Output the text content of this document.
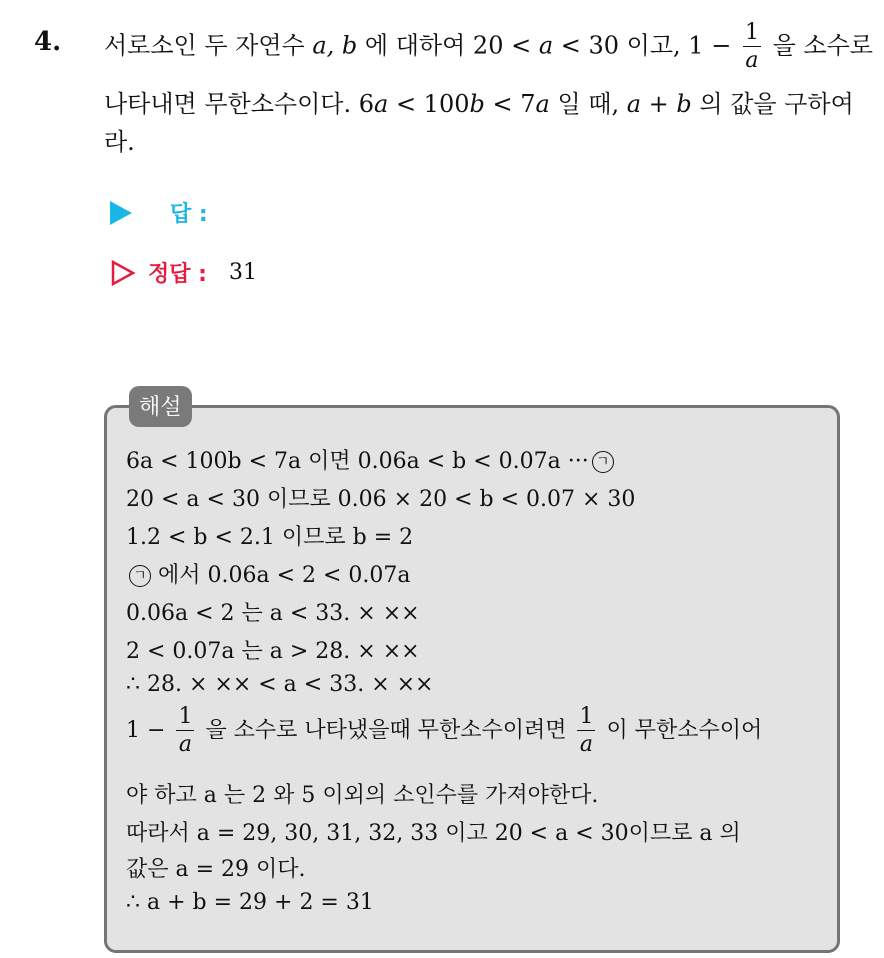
4. 서로소인 두 자연수 a, b 에 대하여 20 < a < 30 이고, $1 - \frac{1}{a}$ 을 소수로
나타내면 무한소수이다. 6a < 100b < 7a 일 때, a + b 의 값을 구하여
라.
답 :
정답 : 31
해설
6a < 100b < 7a 이면 0.06a < b < 0.07a ··· ㄱ
20 < a < 30 이므로 0.06 × 20 < b < 0.07 × 30
1.2 < b < 2.1 이므로 b = 2
ㄱ 에서 0.06a < 2 < 0.07a
0.06a < 2 는 a < 33. × ××
2 < 0.07a 는 a > 28. × ××
∴ 28. × ×× < a < 33. × ××
$1 - \frac{1}{a}$ 을 소수로 나타냈을때 무한소수이려면 $\frac{1}{a}$ 이 무한소수이어
야 하고 a 는 2 와 5 이외의 소인수를 가져야한다.
따라서 a = 29, 30, 31, 32, 33 이고 20 < a < 30이므로 a 의
값은 a = 29 이다.
∴ a + b = 29 + 2 = 31
